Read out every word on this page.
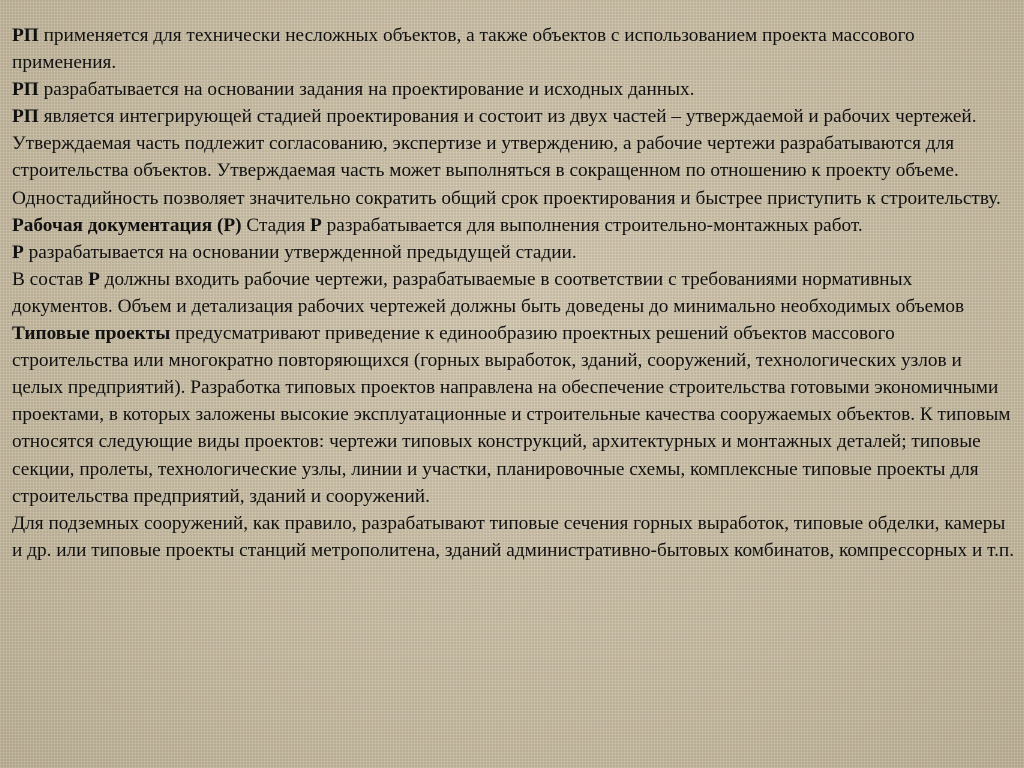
РП применяется для технически несложных объектов, а также объектов с использованием проекта массового применения.

РП разрабатывается на основании задания на проектирование и исходных данных.

РП является интегрирующей стадией проектирования и состоит из двух частей – утверждаемой и рабочих чертежей. Утверждаемая часть подлежит согласованию, экспертизе и утверждению, а рабочие чертежи разрабатываются для строительства объектов. Утверждаемая часть может выполняться в сокращенном по отношению к проекту объеме.

Одностадийность позволяет значительно сократить общий срок проектирования и быстрее приступить к строительству.

Рабочая документация (Р) Стадия Р разрабатывается для выполнения строительно-монтажных работ.

Р разрабатывается на основании утвержденной предыдущей стадии.

В состав Р должны входить рабочие чертежи, разрабатываемые в соответствии с требованиями нормативных документов. Объем и детализация рабочих чертежей должны быть доведены до минимально необходимых объемов

Типовые проекты предусматривают приведение к единообразию проектных решений объектов массового строительства или многократно повторяющихся (горных выработок, зданий, сооружений, технологических узлов и целых предприятий). Разработка типовых проектов направлена на обеспечение строительства готовыми экономичными проектами, в которых заложены высокие эксплуатационные и строительные качества сооружаемых объектов. К типовым относятся следующие виды проектов: чертежи типовых конструкций, архитектурных и монтажных деталей; типовые секции, пролеты, технологические узлы, линии и участки, планировочные схемы, комплексные типовые проекты для строительства предприятий, зданий и сооружений.

Для подземных сооружений, как правило, разрабатывают типовые сечения горных выработок, типовые обделки, камеры и др. или типовые проекты станций метрополитена, зданий административно-бытовых комбинатов, компрессорных и т.п.
